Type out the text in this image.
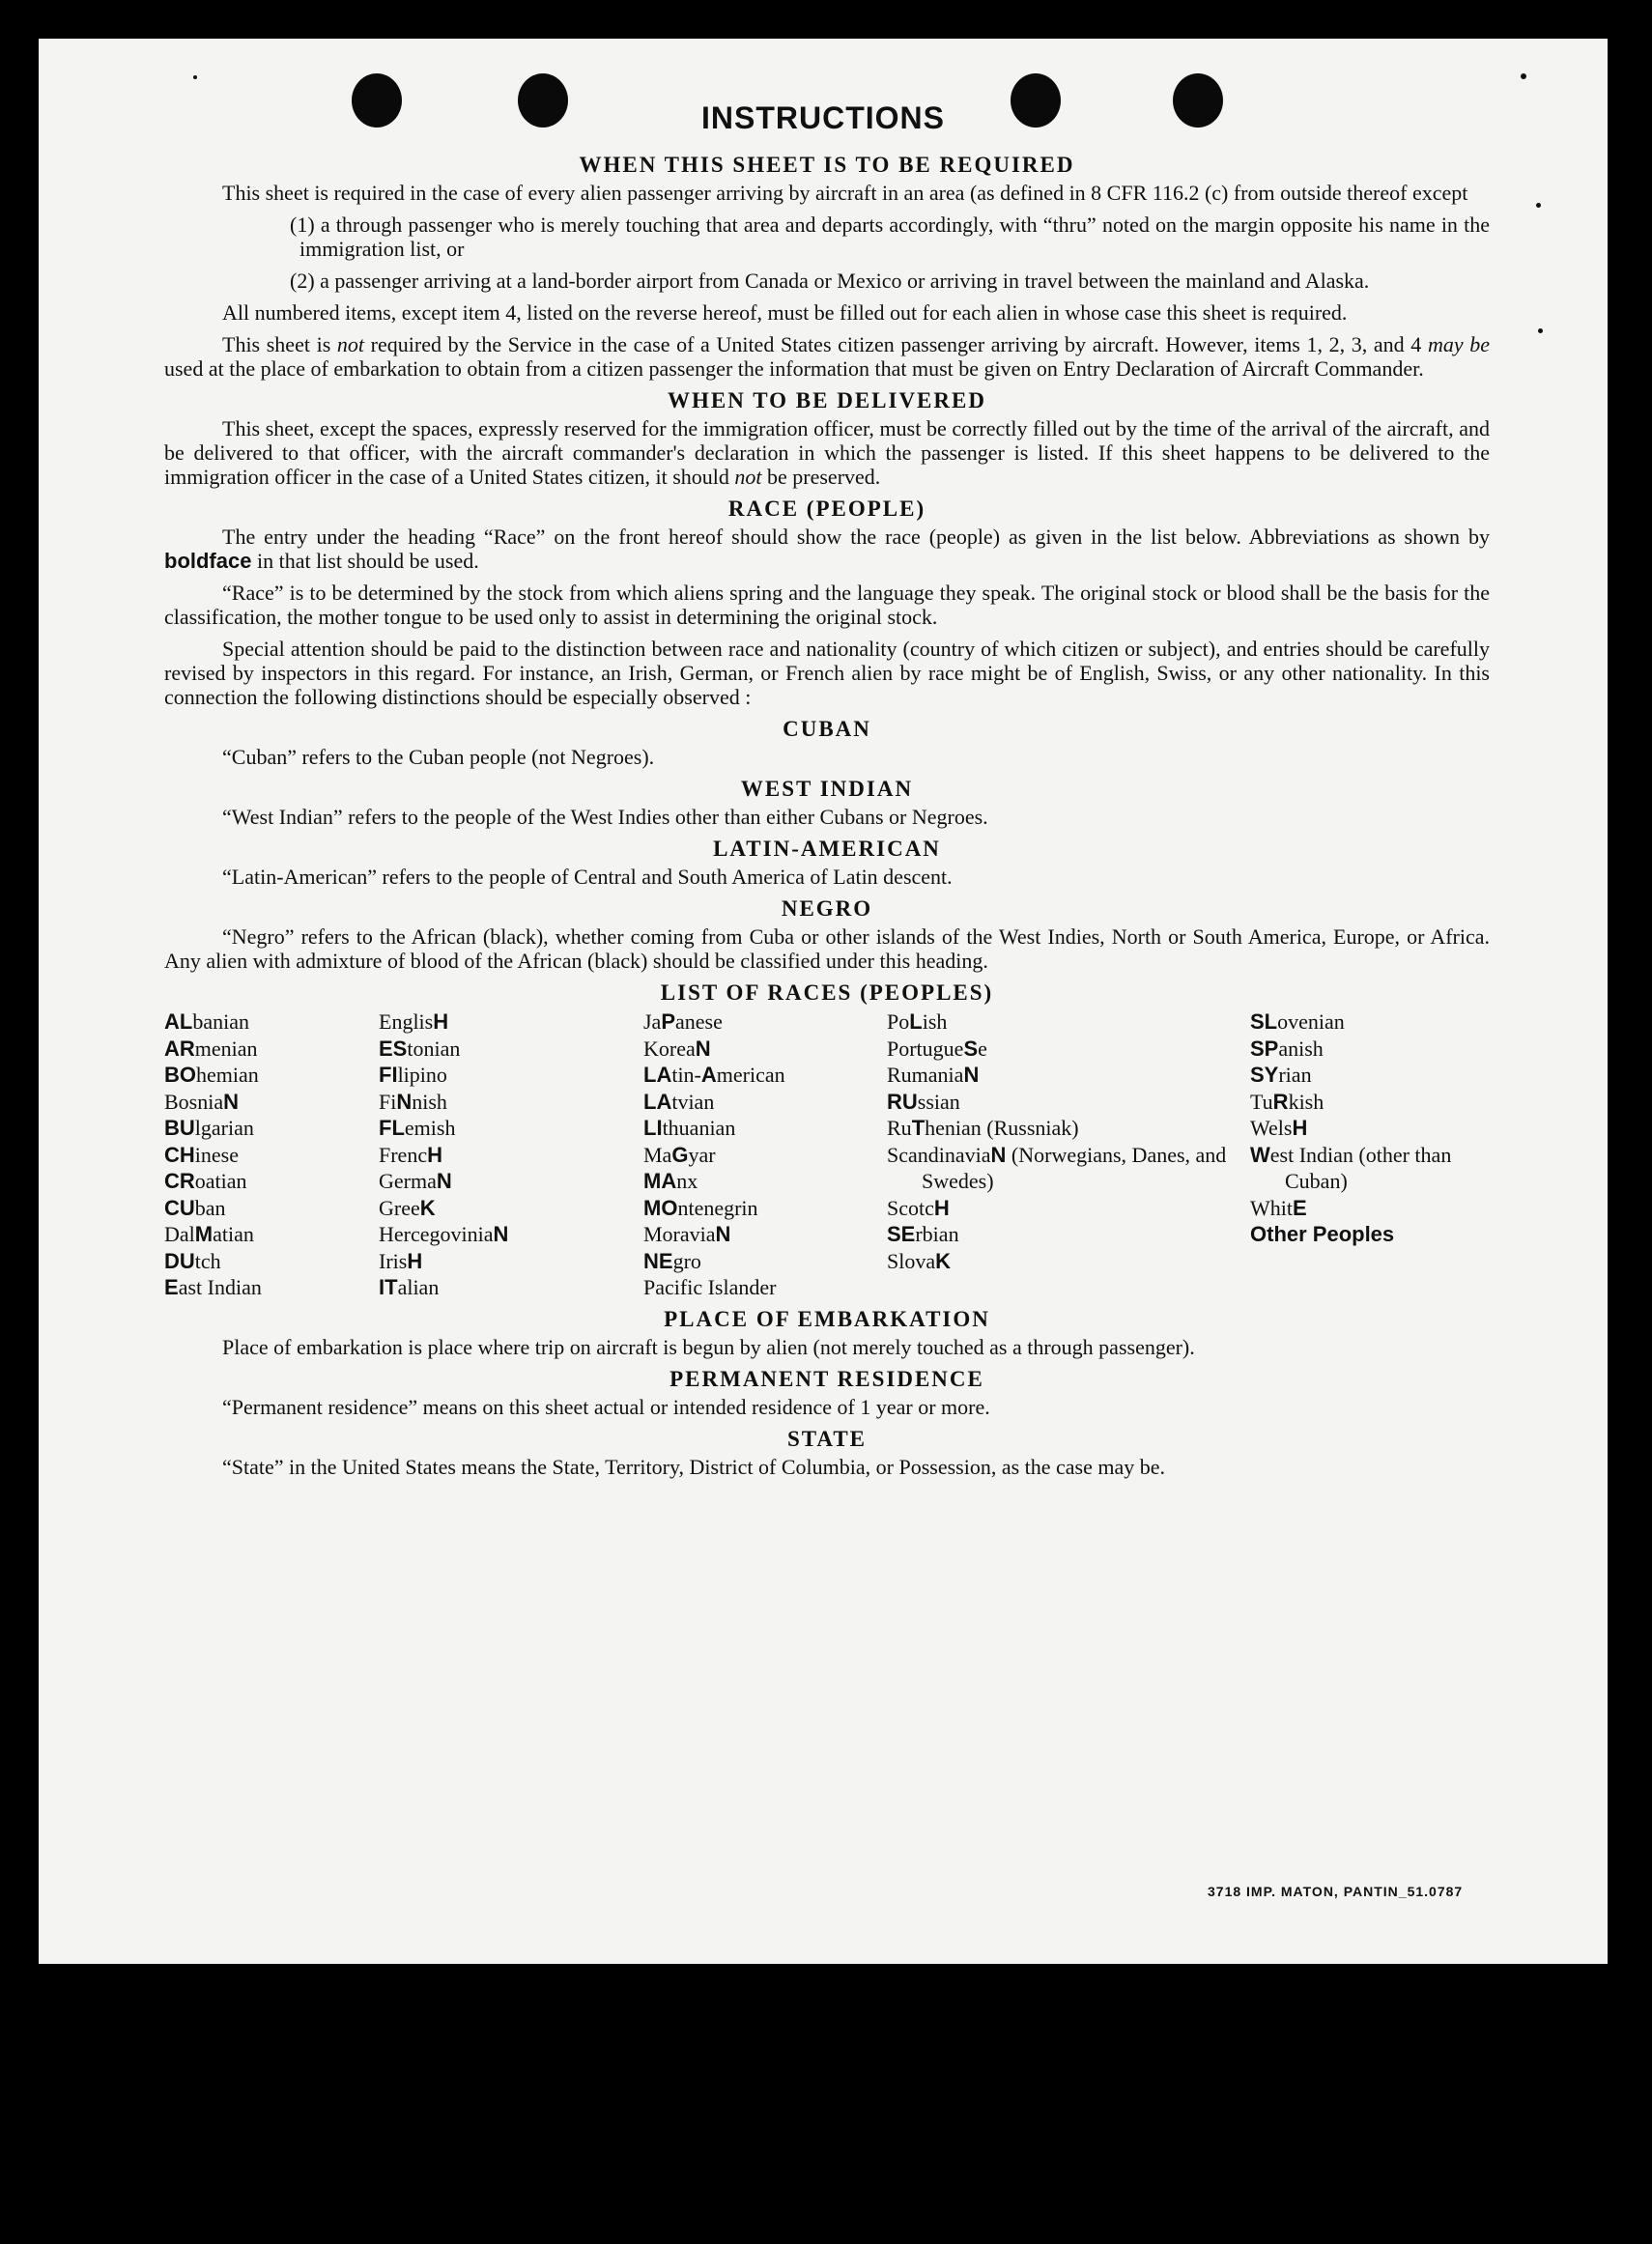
INSTRUCTIONS
WHEN THIS SHEET IS TO BE REQUIRED

This sheet is required in the case of every alien passenger arriving by aircraft in an area (as defined in 8 CFR 116.2 (c) from outside thereof except

(1) a through passenger who is merely touching that area and departs accordingly, with “thru” noted on the margin opposite his name in the immigration list, or
(2) a passenger arriving at a land-border airport from Canada or Mexico or arriving in travel between the mainland and Alaska.

All numbered items, except item 4, listed on the reverse hereof, must be filled out for each alien in whose case this sheet is required.

This sheet is not required by the Service in the case of a United States citizen passenger arriving by aircraft. However, items 1, 2, 3, and 4 may be used at the place of embarkation to obtain from a citizen passenger the information that must be given on Entry Declaration of Aircraft Commander.

WHEN TO BE DELIVERED

This sheet, except the spaces, expressly reserved for the immigration officer, must be correctly filled out by the time of the arrival of the aircraft, and be delivered to that officer, with the aircraft commander's declaration in which the passenger is listed. If this sheet happens to be delivered to the immigration officer in the case of a United States citizen, it should not be preserved.

RACE (PEOPLE)

The entry under the heading “Race” on the front hereof should show the race (people) as given in the list below. Abbreviations as shown by boldface in that list should be used.

“Race” is to be determined by the stock from which aliens spring and the language they speak. The original stock or blood shall be the basis for the classification, the mother tongue to be used only to assist in determining the original stock.

Special attention should be paid to the distinction between race and nationality (country of which citizen or subject), and entries should be carefully revised by inspectors in this regard. For instance, an Irish, German, or French alien by race might be of English, Swiss, or any other nationality. In this connection the following distinctions should be especially observed :

CUBAN

“Cuban” refers to the Cuban people (not Negroes).

WEST INDIAN

“West Indian” refers to the people of the West Indies other than either Cubans or Negroes.

LATIN-AMERICAN

“Latin-American” refers to the people of Central and South America of Latin descent.

NEGRO

“Negro” refers to the African (black), whether coming from Cuba or other islands of the West Indies, North or South America, Europe, or Africa. Any alien with admixture of blood of the African (black) should be classified under this heading.

LIST OF RACES (PEOPLES)
ALbanian
ARmenian
BOhemian
BosniaN
BUlgarian
CHinese
CRoatian
CUban
DalMatian
DUtch
East Indian
EnglisH
EStonian
FIlipino
FiNnish
FLemish
FrencH
GermaN
GreeK
HercegoviniaN
IrisH
ITalian
JaPanese
KoreaN
LAtin-American
LAtvian
LIthuanian
MaGyar
MAnx
MOntenegrin
MoraviaN
NEgro
Pacific Islander
PoLish
PortugueSe
RumaniaN
RUssian
RuThenian (Russniak)
ScandinaviaN (Norwegians, Danes, and Swedes)
ScotcH
SErbian
SlovaK
SLovenian
SPanish
SYrian
TuRkish
WelsH
West Indian (other than Cuban)
WhitE
Other Peoples
PLACE OF EMBARKATION

Place of embarkation is place where trip on aircraft is begun by alien (not merely touched as a through passenger).

PERMANENT RESIDENCE

“Permanent residence” means on this sheet actual or intended residence of 1 year or more.

STATE

“State” in the United States means the State, Territory, District of Columbia, or Possession, as the case may be.

3718 IMP. MATON, PANTIN_51.0787
